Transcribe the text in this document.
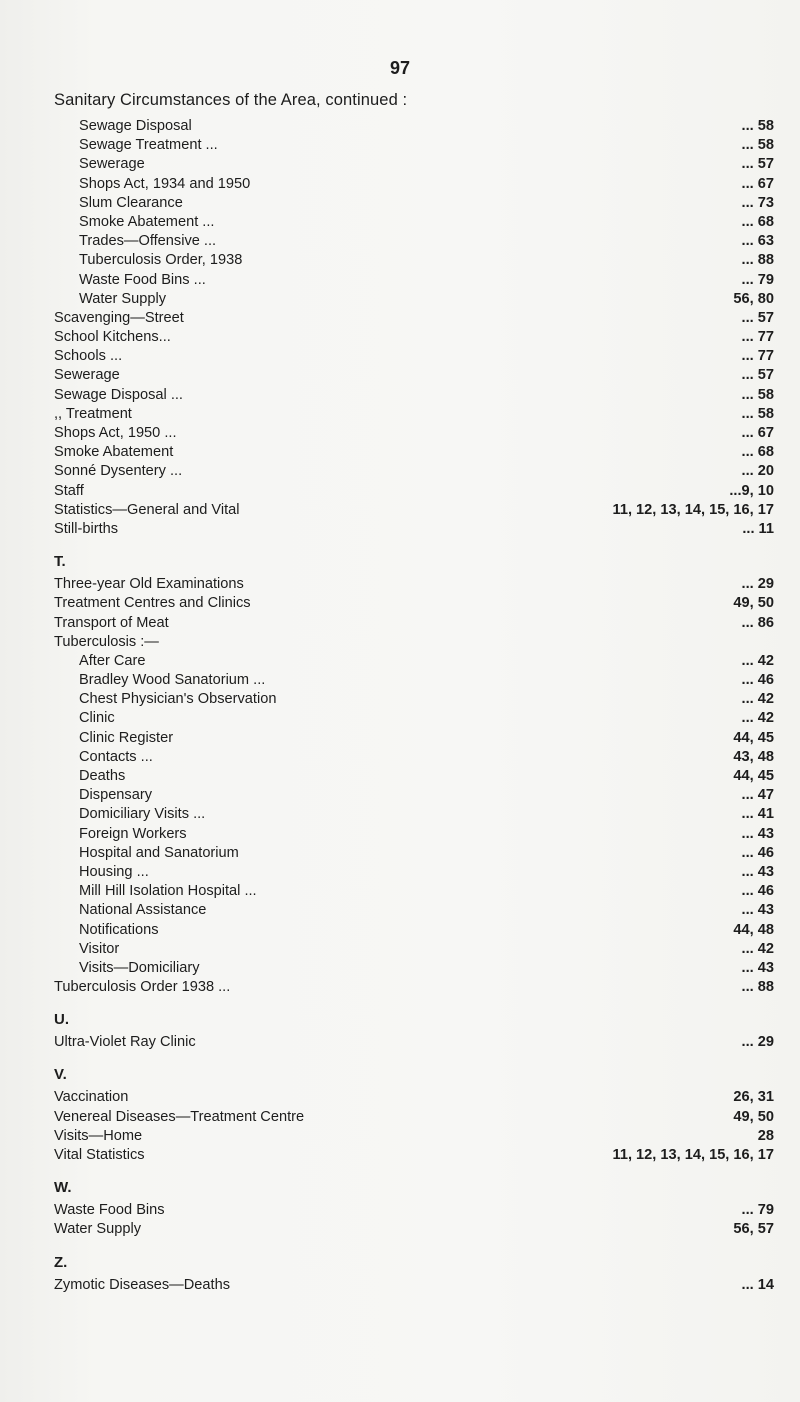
97
Sanitary Circumstances of the Area, continued :
Sewage Disposal	... 58
Sewage Treatment ...	... 58
Sewerage	... 57
Shops Act, 1934 and 1950	... 67
Slum Clearance	... 73
Smoke Abatement ...	... 68
Trades—Offensive ...	... 63
Tuberculosis Order, 1938	... 88
Waste Food Bins ...	... 79
Water Supply	56, 80
Scavenging—Street	... 57
School Kitchens...	... 77
Schools ...	... 77
Sewerage	... 57
Sewage Disposal ...	... 58
,, Treatment	... 58
Shops Act, 1950 ...	... 67
Smoke Abatement	... 68
Sonné Dysentery ...	... 20
Staff	...9, 10
Statistics—General and Vital	11, 12, 13, 14, 15, 16, 17
Still-births	... 11
T.
Three-year Old Examinations	... 29
Treatment Centres and Clinics	49, 50
Transport of Meat	... 86
Tuberculosis :—
After Care	... 42
Bradley Wood Sanatorium ...	... 46
Chest Physician's Observation	... 42
Clinic	... 42
Clinic Register	44, 45
Contacts ...	43, 48
Deaths	44, 45
Dispensary	... 47
Domiciliary Visits ...	... 41
Foreign Workers	... 43
Hospital and Sanatorium	... 46
Housing ...	... 43
Mill Hill Isolation Hospital ...	... 46
National Assistance	... 43
Notifications	44, 48
Visitor	... 42
Visits—Domiciliary	... 43
Tuberculosis Order 1938 ...	... 88
U.
Ultra-Violet Ray Clinic	... 29
V.
Vaccination	26, 31
Venereal Diseases—Treatment Centre	49, 50
Visits—Home	28
Vital Statistics	11, 12, 13, 14, 15, 16, 17
W.
Waste Food Bins	... 79
Water Supply	56, 57
Z.
Zymotic Diseases—Deaths	... 14
